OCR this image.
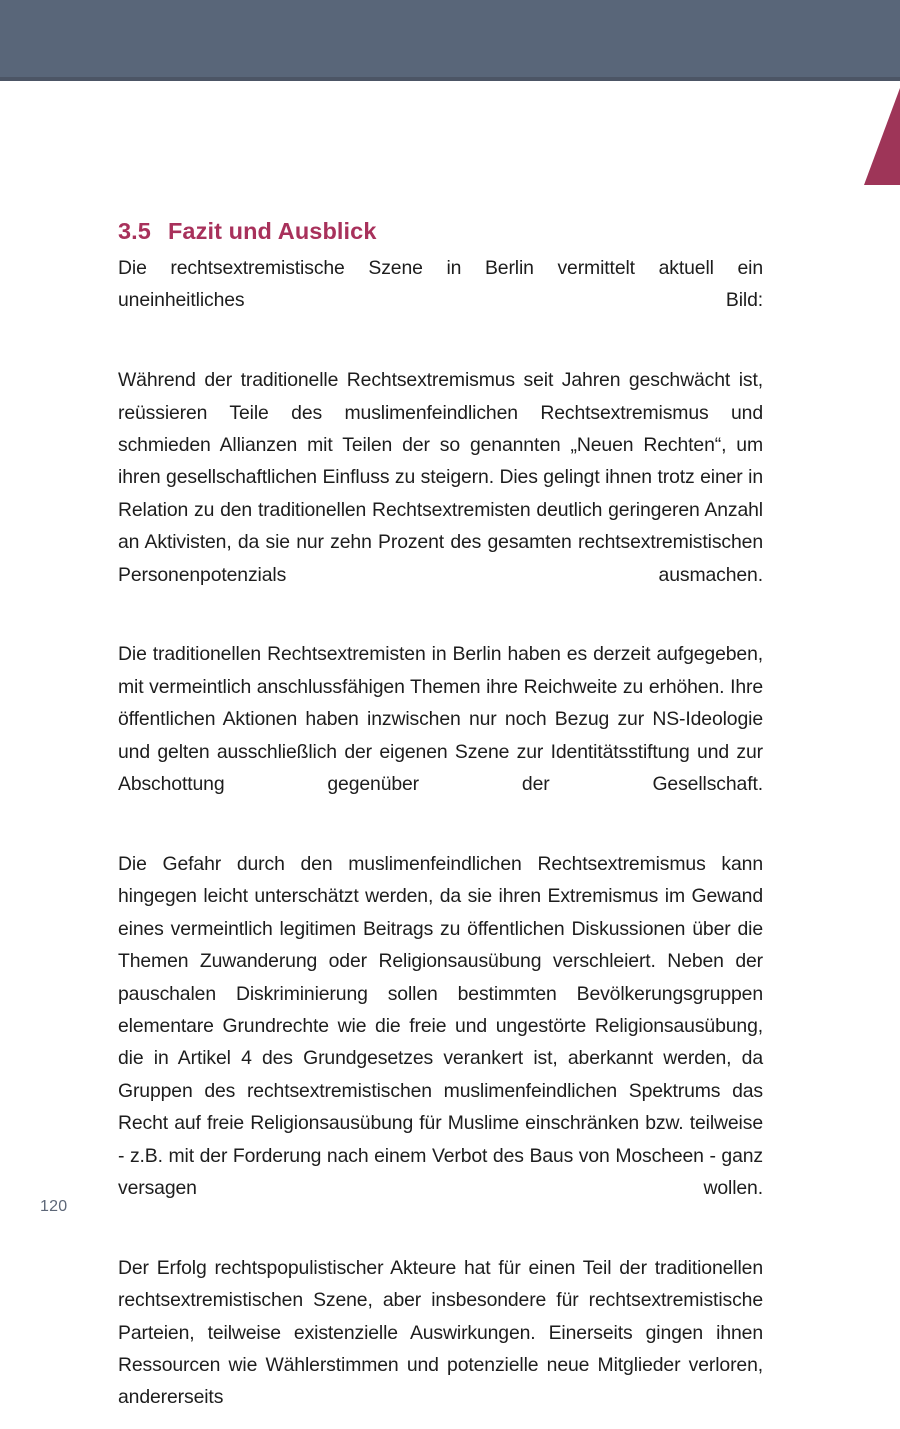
3.5 Fazit und Ausblick

Die rechtsextremistische Szene in Berlin vermittelt aktuell ein uneinheitliches Bild:

Während der traditionelle Rechtsextremismus seit Jahren geschwächt ist, reüssieren Teile des muslimenfeindlichen Rechtsextremismus und schmieden Allianzen mit Teilen der so genannten „Neuen Rechten“, um ihren gesellschaftlichen Einfluss zu steigern. Dies gelingt ihnen trotz einer in Relation zu den traditionellen Rechtsextremisten deutlich geringeren Anzahl an Aktivisten, da sie nur zehn Prozent des gesamten rechtsextremistischen Personenpotenzials ausmachen.

Die traditionellen Rechtsextremisten in Berlin haben es derzeit aufgegeben, mit vermeintlich anschlussfähigen Themen ihre Reichweite zu erhöhen. Ihre öffentlichen Aktionen haben inzwischen nur noch Bezug zur NS-Ideologie und gelten ausschließlich der eigenen Szene zur Identitätsstiftung und zur Abschottung gegenüber der Gesellschaft.

Die Gefahr durch den muslimenfeindlichen Rechtsextremismus kann hingegen leicht unterschätzt werden, da sie ihren Extremismus im Gewand eines vermeintlich legitimen Beitrags zu öffentlichen Diskussionen über die Themen Zuwanderung oder Religionsausübung verschleiert. Neben der pauschalen Diskriminierung sollen bestimmten Bevölkerungsgruppen elementare Grundrechte wie die freie und ungestörte Religionsausübung, die in Artikel 4 des Grundgesetzes verankert ist, aberkannt werden, da Gruppen des rechtsextremistischen muslimenfeindlichen Spektrums das Recht auf freie Religionsausübung für Muslime einschränken bzw. teilweise - z.B. mit der Forderung nach einem Verbot des Baus von Moscheen - ganz versagen wollen.

Der Erfolg rechtspopulistischer Akteure hat für einen Teil der traditionellen rechtsextremistischen Szene, aber insbesondere für rechtsextremistische Parteien, teilweise existenzielle Auswirkungen. Einerseits gingen ihnen Ressourcen wie Wählerstimmen und potenzielle neue Mitglieder verloren, andererseits

120
